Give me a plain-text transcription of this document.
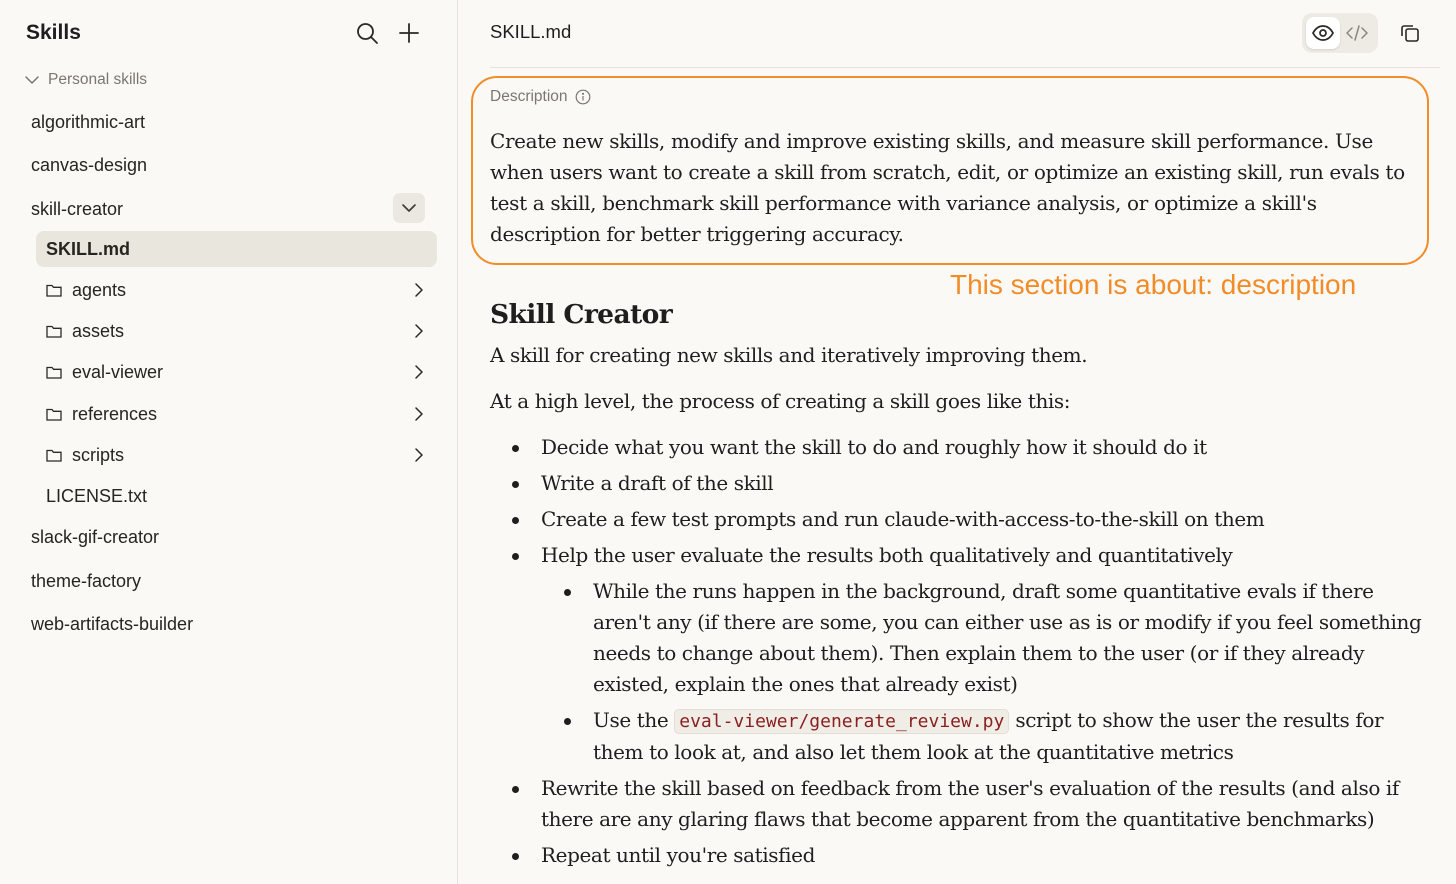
Skills
Personal skills
algorithmic-art
canvas-design
skill-creator
SKILL.md
agents
assets
eval-viewer
references
scripts
LICENSE.txt
slack-gif-creator
theme-factory
web-artifacts-builder
SKILL.md
Description
Create new skills, modify and improve existing skills, and measure skill performance. Use when users want to create a skill from scratch, edit, or optimize an existing skill, run evals to test a skill, benchmark skill performance with variance analysis, or optimize a skill's description for better triggering accuracy.
This section is about: description
Skill Creator

A skill for creating new skills and iteratively improving them.

At a high level, the process of creating a skill goes like this:

Decide what you want the skill to do and roughly how it should do it
Write a draft of the skill
Create a few test prompts and run claude-with-access-to-the-skill on them
Help the user evaluate the results both qualitatively and quantitatively
While the runs happen in the background, draft some quantitative evals if there aren't any (if there are some, you can either use as is or modify if you feel something needs to change about them). Then explain them to the user (or if they already existed, explain the ones that already exist)
Use the eval-viewer/generate_review.py script to show the user the results for them to look at, and also let them look at the quantitative metrics
Rewrite the skill based on feedback from the user's evaluation of the results (and also if there are any glaring flaws that become apparent from the quantitative benchmarks)
Repeat until you're satisfied
